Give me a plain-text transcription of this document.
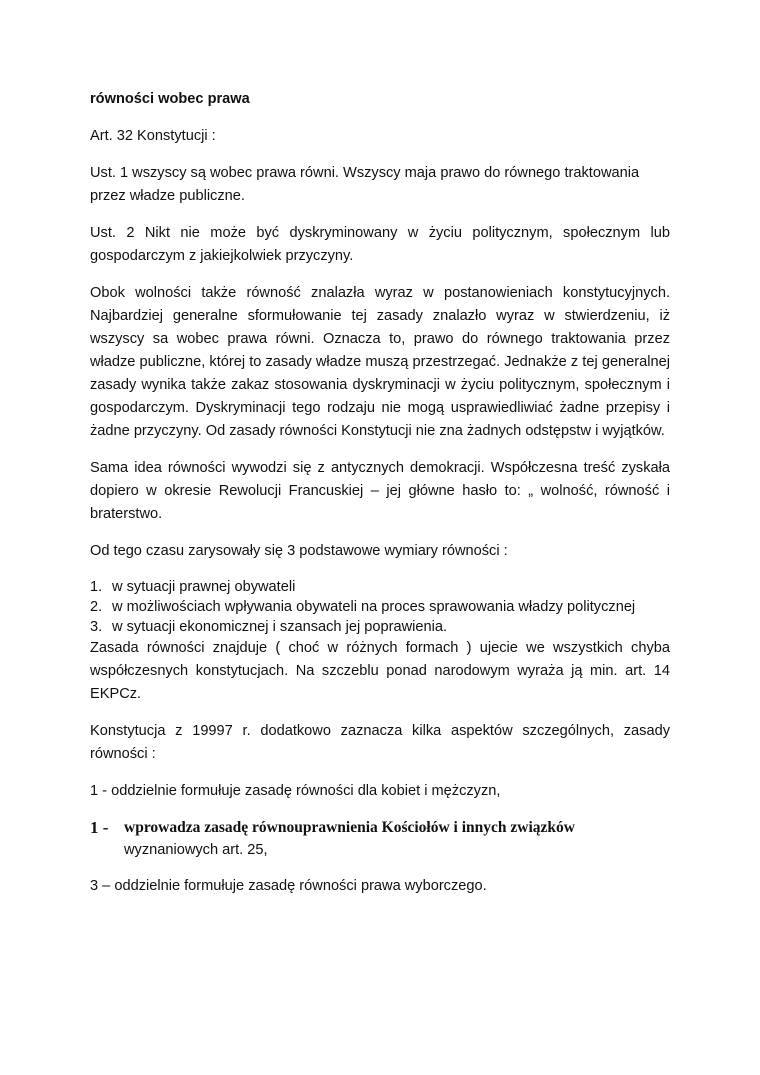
równości wobec prawa

Art. 32 Konstytucji :

Ust. 1 wszyscy są wobec prawa równi. Wszyscy maja prawo do równego traktowania przez władze publiczne.

Ust. 2 Nikt nie może być dyskryminowany w życiu politycznym, społecznym lub gospodarczym z jakiejkolwiek przyczyny.

Obok wolności także równość znalazła wyraz w postanowieniach konstytucyjnych. Najbardziej generalne sformułowanie tej zasady znalazło wyraz w stwierdzeniu, iż wszyscy sa wobec prawa równi. Oznacza to, prawo do równego traktowania przez władze publiczne, której to zasady władze muszą przestrzegać. Jednakże z tej generalnej zasady wynika także zakaz stosowania dyskryminacji w życiu politycznym, społecznym i gospodarczym. Dyskryminacji tego rodzaju nie mogą usprawiedliwiać żadne przepisy i żadne przyczyny. Od zasady równości Konstytucji nie zna żadnych odstępstw i wyjątków.

Sama idea równości wywodzi się z antycznych demokracji. Współczesna treść zyskała dopiero w okresie Rewolucji Francuskiej – jej główne hasło to: „ wolność, równość i braterstwo.

Od tego czasu zarysowały się 3 podstawowe wymiary równości :

1. w sytuacji prawnej obywateli
2. w możliwościach wpływania obywateli na proces sprawowania władzy politycznej
3. w sytuacji ekonomicznej i szansach jej poprawienia.

Zasada równości znajduje ( choć w różnych formach ) ujecie we wszystkich chyba współczesnych konstytucjach. Na szczeblu ponad narodowym wyraża ją min. art. 14 EKPCz.

Konstytucja z 19997 r. dodatkowo zaznacza kilka aspektów szczególnych, zasady równości :

1 - oddzielnie formułuje zasadę równości dla kobiet i mężczyzn,

1 -	wprowadza zasadę równouprawnienia Kościołów i innych związków

wyznaniowych art. 25,

3 – oddzielnie formułuje zasadę równości prawa wyborczego.
